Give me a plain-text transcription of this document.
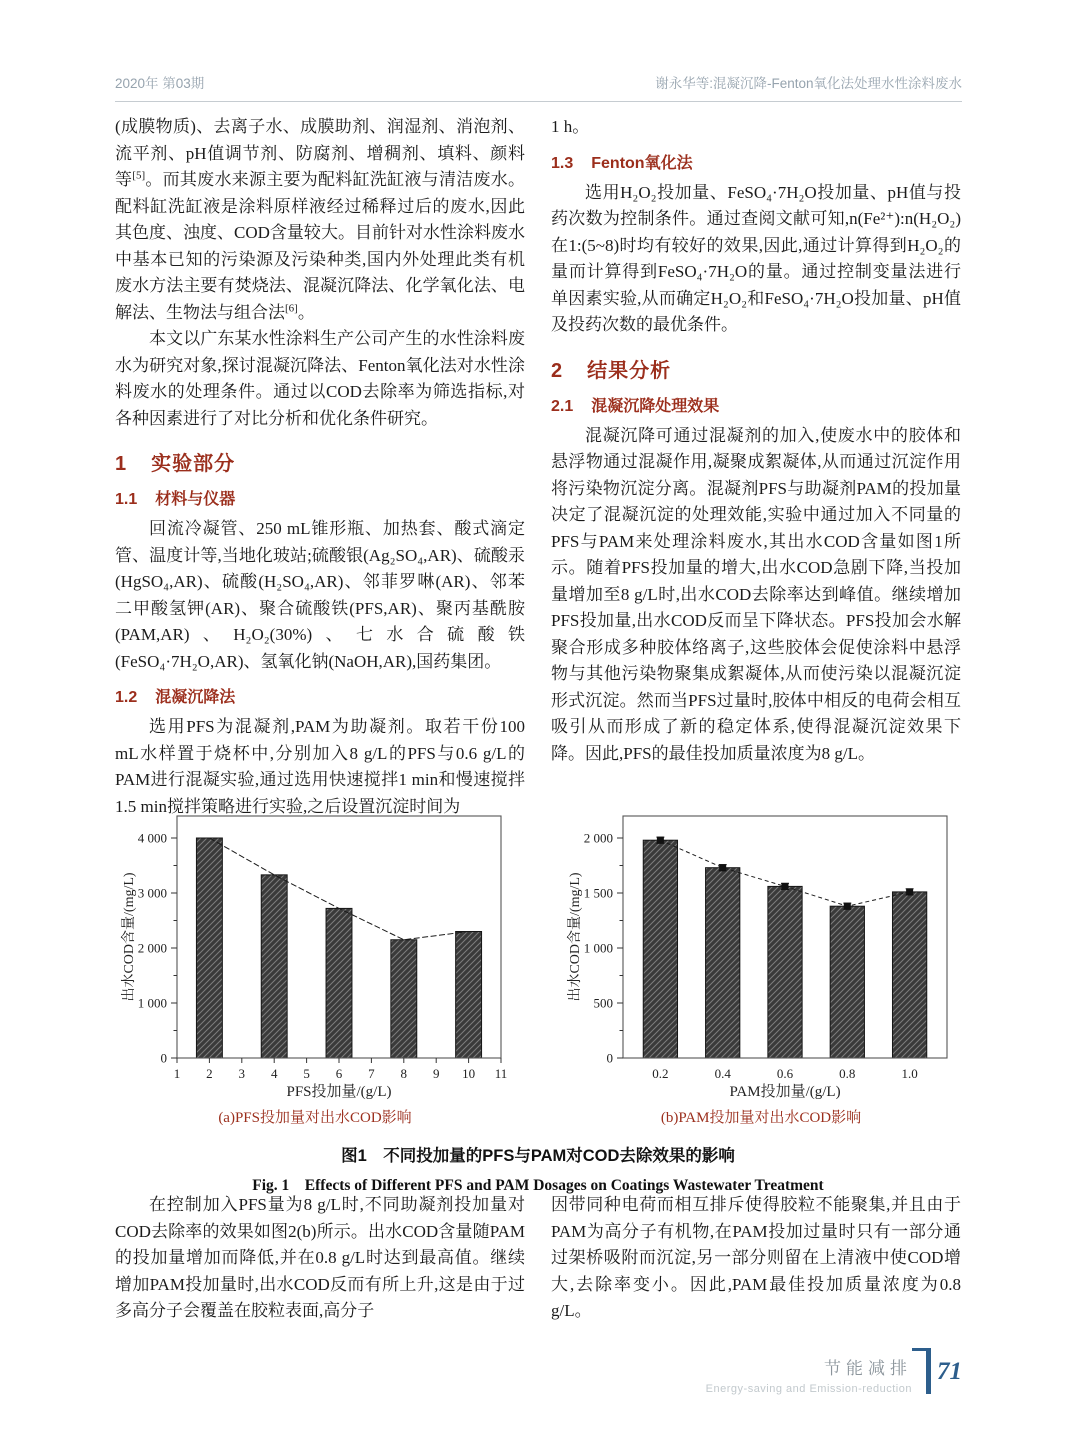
2020年 第03期	谢永华等:混凝沉降-Fenton氧化法处理水性涂料废水

(成膜物质)、去离子水、成膜助剂、润湿剂、消泡剂、流平剂、pH值调节剂、防腐剂、增稠剂、填料、颜料等[5]。而其废水来源主要为配料缸洗缸液与清洁废水。配料缸洗缸液是涂料原样液经过稀释过后的废水,因此其色度、浊度、COD含量较大。目前针对水性涂料废水中基本已知的污染源及污染种类,国内外处理此类有机废水方法主要有焚烧法、混凝沉降法、化学氧化法、电解法、生物法与组合法[6]。

本文以广东某水性涂料生产公司产生的水性涂料废水为研究对象,探讨混凝沉降法、Fenton氧化法对水性涂料废水的处理条件。通过以COD去除率为筛选指标,对各种因素进行了对比分析和优化条件研究。

1 实验部分
1.1 材料与仪器

回流冷凝管、250 mL锥形瓶、加热套、酸式滴定管、温度计等,当地化玻站;硫酸银(Ag₂SO₄,AR)、硫酸汞(HgSO₄,AR)、硫酸(H₂SO₄,AR)、邻菲罗啉(AR)、邻苯二甲酸氢钾(AR)、聚合硫酸铁(PFS,AR)、聚丙基酰胺(PAM,AR)、H₂O₂(30%)、七水合硫酸铁(FeSO₄·7H₂O,AR)、氢氧化钠(NaOH,AR),国药集团。

1.2 混凝沉降法

选用PFS为混凝剂,PAM为助凝剂。取若干份100 mL水样置于烧杯中,分别加入8 g/L的PFS与0.6 g/L的PAM进行混凝实验,通过选用快速搅拌1 min和慢速搅拌1.5 min搅拌策略进行实验,之后设置沉淀时间为

1 h。

1.3 Fenton氧化法

选用H₂O₂投加量、FeSO₄·7H₂O投加量、pH值与投药次数为控制条件。通过查阅文献可知,n(Fe²⁺):n(H₂O₂)在1:(5~8)时均有较好的效果,因此,通过计算得到H₂O₂的量而计算得到FeSO₄·7H₂O的量。通过控制变量法进行单因素实验,从而确定H₂O₂和FeSO₄·7H₂O投加量、pH值及投药次数的最优条件。

2 结果分析
2.1 混凝沉降处理效果

混凝沉降可通过混凝剂的加入,使废水中的胶体和悬浮物通过混凝作用,凝聚成絮凝体,从而通过沉淀作用将污染物沉淀分离。混凝剂PFS与助凝剂PAM的投加量决定了混凝沉淀的处理效能,实验中通过加入不同量的PFS与PAM来处理涂料废水,其出水COD含量如图1所示。随着PFS投加量的增大,出水COD急剧下降,当投加量增加至8 g/L时,出水COD去除率达到峰值。继续增加PFS投加量,出水COD反而呈下降状态。PFS投加会水解聚合形成多种胶体络离子,这些胶体会促使涂料中悬浮物与其他污染物聚集成絮凝体,从而使污染以混凝沉淀形式沉淀。然而当PFS过量时,胶体中相反的电荷会相互吸引从而形成了新的稳定体系,使得混凝沉淀效果下降。因此,PFS的最佳投加质量浓度为8 g/L。

0
1 000
2 000
3 000
4 000
1 2 3 4 5 6 7 8 9 10 11
PFS投加量/(g/L)
出水COD含量/(mg/L)
0
500
1 000
1 500
2 000
0.2	0.4	0.6	0.8	1.0
PAM投加量/(g/L)
出水COD含量/(mg/L)
(a)PFS投加量对出水COD影响	(b)PAM投加量对出水COD影响
图1　不同投加量的PFS与PAM对COD去除效果的影响
Fig. 1　Effects of Different PFS and PAM Dosages on Coatings Wastewater Treatment

在控制加入PFS量为8 g/L时,不同助凝剂投加量对COD去除率的效果如图2(b)所示。出水COD含量随PAM的投加量增加而降低,并在0.8 g/L时达到最高值。继续增加PAM投加量时,出水COD反而有所上升,这是由于过多高分子会覆盖在胶粒表面,高分子

因带同种电荷而相互排斥使得胶粒不能聚集,并且由于PAM为高分子有机物,在PAM投加过量时只有一部分通过架桥吸附而沉淀,另一部分则留在上清液中使COD增大,去除率变小。因此,PAM最佳投加质量浓度为0.8 g/L。

节能减排
Energy-saving and Emission-reduction
71
